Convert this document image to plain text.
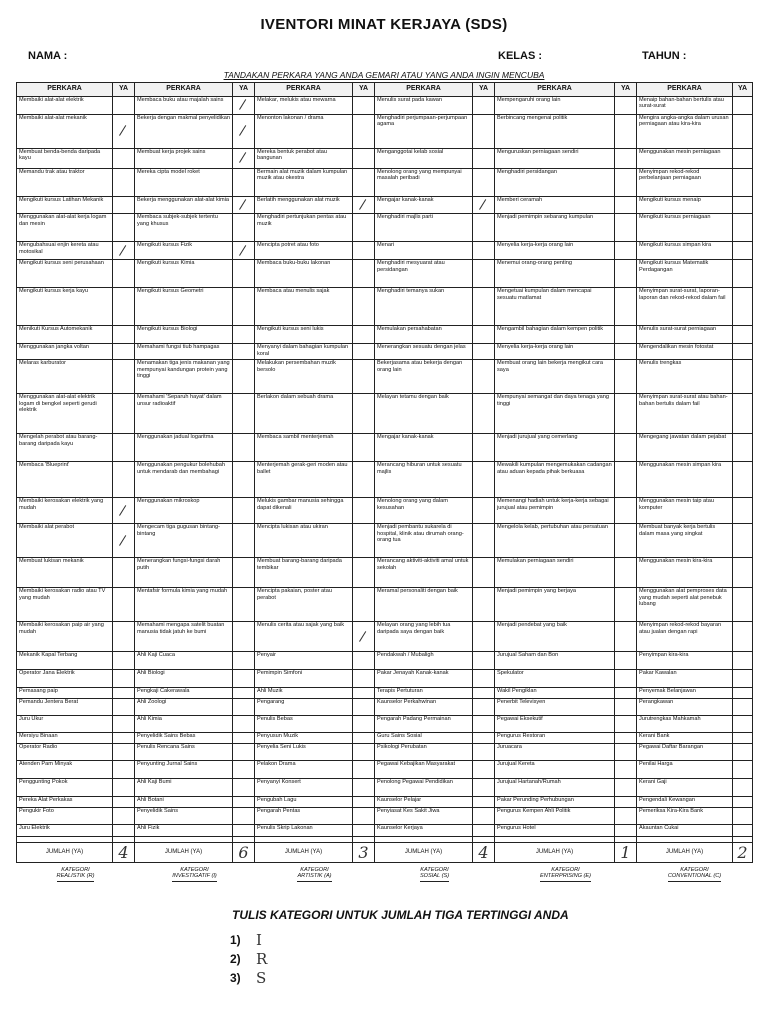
IVENTORI MINAT KERJAYA (SDS)
NAMA :	KELAS :	TAHUN :
TANDAKAN PERKARA YANG ANDA GEMARI ATAU YANG ANDA INGIN MENCUBA
PERKARA	YA	PERKARA	YA	PERKARA	YA	PERKARA	YA	PERKARA	YA	PERKARA	YA
Membaiki alat-alat elektrik		Membaca buku atau majalah sains		Melakar, melukis atau mewarna		Menulis surat pada kawan		Mempengaruhi orang lain		Menaip bahan-bahan bertulis atau surat-surat	
Membaiki alat-alat mekanik		Bekerja dengan makmal penyelidikan		Menonton lakonan / drama		Menghadiri perjumpaan-perjumpaan agama		Berbincang mengenai politik		Mengira angka-angka dalam urusan perniagaan atau kira-kira	
Membuat benda-benda daripada kayu		Membuat kerja projek sains		Mereka bentuk perabot atau bangunan		Menganggotai kelab sosial		Menguruskan perniagaan sendiri		Menggunakan mesin perniagaan	
Memandu trak atau traktor		Mereka cipta model roket		Bermain alat muzik dalam kumpulan muzik atau okestra		Menolong orang yang mempunyai masalah peribadi		Menghadiri persidangan		Menyimpan rekod-rekod perbelanjaan perniagaan	
Mengikuti kursus Latihan Mekanik		Bekerja menggunakan alat-alat kimia		Berlatih menggunakan alat muzik		Mengajar kanak-kanak		Memberi ceramah		Mengikuti kursus menaip	
Menggunakan alat-alat kerja logam dan mesin		Membaca subjek-subjek tertentu yang khusus		Menghadiri pertunjukan pentas atau muzik		Menghadiri majlis parti		Menjadi pemimpin sebarang kumpulan		Mengikuti kursus perniagaan	
Mengubahsuai enjin kereta atau motosikal		Mengikuti kursus Fizik		Mencipta potret atau foto		Menari		Menyelia kerja-kerja orang lain		Mengikuti kursus simpan kira	
Mengikuti kursus seni perusahaan		Mengikuti kursus Kimia		Membaca buku-buku lakonan		Menghadiri mesyuarat atau persidangan		Menemui orang-orang penting		Mengikuti kursus Matematik Perdagangan	
Mengikuti kursus kerja kayu		Mengikuti kursus Geometri		Membaca atau menulis sajak		Menghadiri temanya sukan		Mengetuai kumpulan dalam mencapai sesuatu matlamat		Menyimpan surat-surat, laporan-laporan dan rekod-rekod dalam fail	
Menikuti Kursus Automekanik		Mengikuti kursus Biologi		Mengikuti kursus seni lukis		Memulakan persahabatan		Mengambil bahagian dalam kempen politik		Menulis surat-surat perniagaan	
Menggunakan jangka voltan		Memahami fungsi tiub hampagas		Menyanyi dalam bahagian kumpulan koral		Menerangkan sesuatu dengan jelas		Menyelia kerja-kerja orang lain		Mengendalikan mesin fotostat	
Melaras karburator		Menamakan tiga jenis makanan yang mempunyai kandungan protein yang tinggi		Melakukan persembahan muzik bersolo		Bekerjasama atau bekerja dengan orang lain		Membuat orang lain bekerja mengikut cara saya		Menulis trengkas	
Menggunakan alat-alat elektrik logam di bengkel seperti gerudi elektrik		Memahami 'Separuh hayat' dalam unsur radioaktif		Berlakon dalam sebuah drama		Melayan tetamu dengan baik		Mempunyai semangat dan daya tenaga yang tinggi		Menyimpan surat-surat atau bahan-bahan bertulis dalam fail	
Mengelah perabot atau barang-barang daripada kayu		Menggunakan jadual logaritma		Membaca sambil menterjemah		Mengajar kanak-kanak		Menjadi jurujual yang cemerlang		Mengegang jawatan dalam pejabat	
Membaca 'Blueprint'		Menggunakan pengukur bolehubah untuk mendarab dan membahagi		Menterjemah gerak-geri moden atau ballet		Merancang hiburan untuk sesuatu majlis		Mewakili kumpulan mengemukakan cadangan atau aduan kepada pihak berkuasa		Menggunakan mesin simpan kira	
Membaiki kerosakan elektrik yang mudah		Menggunakan mikroskop		Melukis gambar manusia sehingga dapat dikenali		Menolong orang yang dalam kesusahan		Memenangi hadiah untuk kerja-kerja sebagai jurujual atau pemimpin		Menggunakan mesin taip atau komputer	
Membaiki alat perabot		Mengecam tiga gugusan bintang-bintang		Mencipta lukisan atau ukiran		Menjadi pembantu sukarela di hospital, klinik atau dirumah orang-orang tua		Mengelola kelab, pertubuhan atau persatuan		Membuat banyak kerja bertulis dalam masa yang singkat	
Membuat lukisan mekanik		Menerangkan fungsi-fungsi darah putih		Membuat barang-barang daripada tembikar		Merancang aktiviti-aktiviti amal untuk sekolah		Memulakan perniagaan sendiri		Menggunakan mesin kira-kira	
Membaiki kerosakan radio atau TV yang mudah		Mentafsir formula kimia yang mudah		Mencipta pakaian, poster atau perabot		Meramal personaliti dengan baik		Menjadi pemimpin yang berjaya		Menggunakan alat pemproses data yang mudah seperti alat penebuk lubang	
Membaiki kerosakan paip air yang mudah		Memahami mengapa satelit buatan manusia tidak jatuh ke bumi		Menulis cerita atau sajak yang baik		Melayan orang yang lebih tua daripada saya dengan baik		Menjadi pendebat yang baik		Menyimpan rekod-rekod bayaran atau jualan dengan rapi	
Mekanik Kapal Terbang		Ahli Kaji Cuaca		Penyair		Pendakwah / Mubaligh		Jurujual Saham dan Bon		Penyimpan kira-kira	
Operator Jana Elektrik		Ahli Biologi		Pemimpin Simfoni		Pakar Jenayah Kanak-kanak		Spekulator		Pakar Kawalan	
Pemasang paip		Pengkaji Cakerawala		Ahli Muzik		Terapis Pertuturan		Wakil Pengiklan		Penyemak Belanjawan	
Pemandu Jentera Berat		Ahli Zoologi		Pengarang		Kaunselor Perkahwinan		Penerbit Televisyen		Perangkawan	
Juru Ukur		Ahli Kimia		Penulis Bebas		Pengarah Padang Permainan		Pegawai Eksekutif		Jurutrengkas Mahkamah	
Mersiyu Binaan		Penyelidik Sains Bebas		Penyusun Muzik		Guru Sains Sosial		Pengurus Restoran		Kerani Bank	
Operator Radio		Penulis Rencana Sains		Penyelia Seni Lukis		Psikologi Perubatan		Juruacara		Pegawai Daftar Barangan	
Atenden Pam Minyak		Penyunting Jurnal Sains		Pelakon Drama		Pegawai Kebajikan Masyarakat		Jurujual Kereta		Penilai Harga	
Penggunting Pokok		Ahli Kaji Bumi		Penyanyi Konsert		Penolong Pegawai Pendidikan		Jurujual Hartanah/Rumah		Kerani Gaji	
Pereka Alat Perkakas		Ahli Botani		Pengubah Lagu		Kaunselor Pelajar		Pakar Perunding Perhubungan		Pengendali Kewangan	
Pengukir Foto		Penyelidik Sains		Pengarah Pentas		Penyiasat Kes Sakit Jiwa		Pengurus Kempen Ahli Politik		Pemeriksa Kira-Kira Bank	
Juru Elektrik		Ahli Fizik		Penulis Skrip Lakonan		Kaunselor Kerjaya		Pengurus Hotel		Akauntan Cukai	

JUMLAH (YA)	4	JUMLAH (YA)	6	JUMLAH (YA)	3	JUMLAH (YA)	4	JUMLAH (YA)	1	JUMLAH (YA)	2
KATEGORI
REALISTIK (R)		KATEGORI
INVESTIGATIF (I)		KATEGORI
ARTISTIK (A)		KATEGORI
SOSIAL (S)		KATEGORI
ENTERPRISING (E)		KATEGORI
CONVENTIONAL (C)	
TULIS KATEGORI UNTUK JUMLAH TIGA TERTINGGI ANDA
1)	I
2)	R
3)	S
